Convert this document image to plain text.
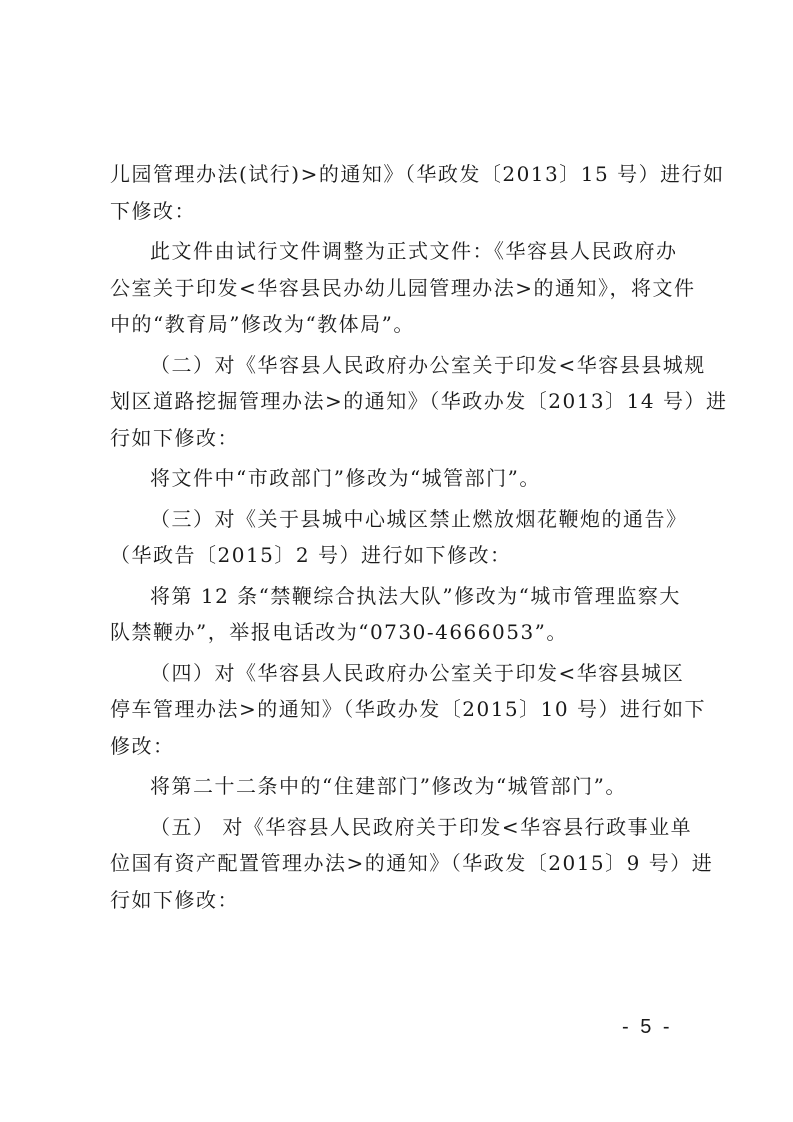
儿园管理办法(试行)>的通知》（华政发〔2013〕15 号）进行如
下修改：
此文件由试行文件调整为正式文件：《华容县人民政府办
公室关于印发<华容县民办幼儿园管理办法>的通知》，将文件
中的“教育局”修改为“教体局”。
（二）对《华容县人民政府办公室关于印发<华容县县城规
划区道路挖掘管理办法>的通知》（华政办发〔2013〕14 号）进
行如下修改：
将文件中“市政部门”修改为“城管部门”。
（三）对《关于县城中心城区禁止燃放烟花鞭炮的通告》
（华政告〔2015〕2 号）进行如下修改：
将第 12 条“禁鞭综合执法大队”修改为“城市管理监察大
队禁鞭办”，举报电话改为“0730-4666053”。
（四）对《华容县人民政府办公室关于印发<华容县城区
停车管理办法>的通知》（华政办发〔2015〕10 号）进行如下
修改：
将第二十二条中的“住建部门”修改为“城管部门”。
（五） 对《华容县人民政府关于印发<华容县行政事业单
位国有资产配置管理办法>的通知》（华政发〔2015〕9 号）进
行如下修改：
- 5 -
